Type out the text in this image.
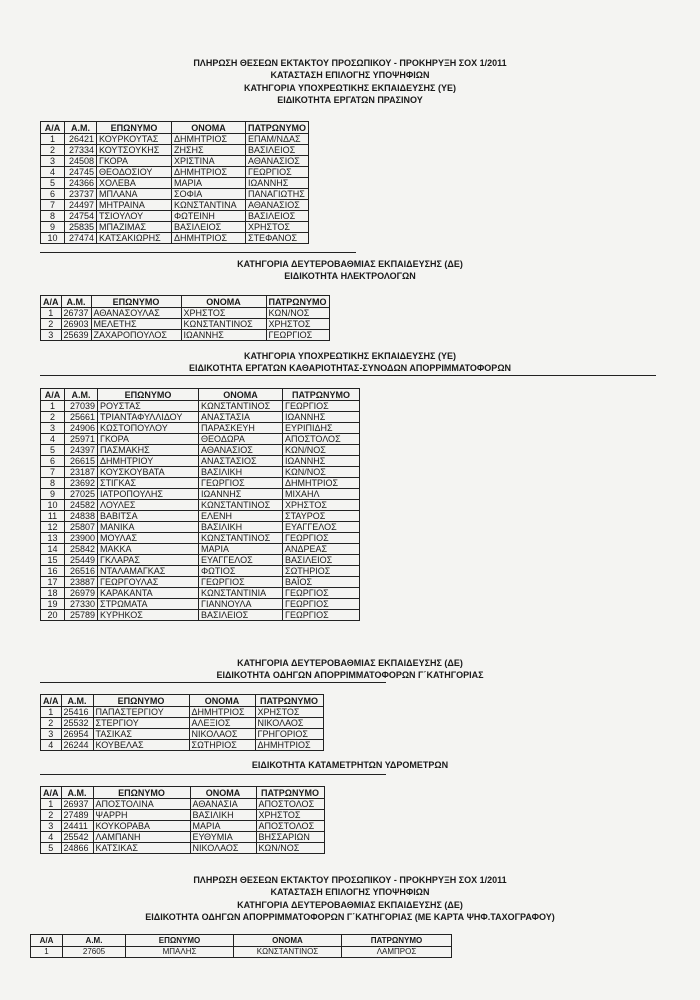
ΠΛΗΡΩΣΗ ΘΕΣΕΩΝ ΕΚΤΑΚΤΟΥ ΠΡΟΣΩΠΙΚΟΥ - ΠΡΟΚΗΡΥΞΗ ΣΟΧ 1/2011
ΚΑΤΑΣΤΑΣΗ ΕΠΙΛΟΓΗΣ ΥΠΟΨΗΦΙΩΝ
ΚΑΤΗΓΟΡΙΑ ΥΠΟΧΡΕΩΤΙΚΗΣ ΕΚΠΑΙΔΕΥΣΗΣ (ΥΕ)
ΕΙΔΙΚΟΤΗΤΑ ΕΡΓΑΤΩΝ ΠΡΑΣΙΝΟΥ
Α/Α	Α.Μ.	ΕΠΩΝΥΜΟ	ΟΝΟΜΑ	ΠΑΤΡΩΝΥΜΟ
1	26421	ΚΟΥΡΚΟΥΤΑΣ	ΔΗΜΗΤΡΙΟΣ	ΕΠΑΜ/ΝΔΑΣ
2	27334	ΚΟΥΤΣΟΥΚΗΣ	ΖΗΣΗΣ	ΒΑΣΙΛΕΙΟΣ
3	24508	ΓΚΟΡΑ	ΧΡΙΣΤΙΝΑ	ΑΘΑΝΑΣΙΟΣ
4	24745	ΘΕΟΔΟΣΙΟΥ	ΔΗΜΗΤΡΙΟΣ	ΓΕΩΡΓΙΟΣ
5	24366	ΧΟΛΕΒΑ	ΜΑΡΙΑ	ΙΩΑΝΝΗΣ
6	23737	ΜΠΛΑΝΑ	ΣΟΦΙΑ	ΠΑΝΑΓΙΩΤΗΣ
7	24497	ΜΗΤΡΑΙΝΑ	ΚΩΝΣΤΑΝΤΙΝΑ	ΑΘΑΝΑΣΙΟΣ
8	24754	ΤΣΙΟΥΛΟΥ	ΦΩΤΕΙΝΗ	ΒΑΣΙΛΕΙΟΣ
9	25835	ΜΠΑΖΙΜΑΣ	ΒΑΣΙΛΕΙΟΣ	ΧΡΗΣΤΟΣ
10	27474	ΚΑΤΣΑΚΙΩΡΗΣ	ΔΗΜΗΤΡΙΟΣ	ΣΤΕΦΑΝΟΣ
ΚΑΤΗΓΟΡΙΑ ΔΕΥΤΕΡΟΒΑΘΜΙΑΣ ΕΚΠΑΙΔΕΥΣΗΣ (ΔΕ)
ΕΙΔΙΚΟΤΗΤΑ ΗΛΕΚΤΡΟΛΟΓΩΝ
Α/Α	Α.Μ.	ΕΠΩΝΥΜΟ	ΟΝΟΜΑ	ΠΑΤΡΩΝΥΜΟ
1	26737	ΑΘΑΝΑΣΟΥΛΑΣ	ΧΡΗΣΤΟΣ	ΚΩΝ/ΝΟΣ
2	26903	ΜΕΛΕΤΗΣ	ΚΩΝΣΤΑΝΤΙΝΟΣ	ΧΡΗΣΤΟΣ
3	25639	ΖΑΧΑΡΟΠΟΥΛΟΣ	ΙΩΑΝΝΗΣ	ΓΕΩΡΓΙΟΣ
ΚΑΤΗΓΟΡΙΑ ΥΠΟΧΡΕΩΤΙΚΗΣ ΕΚΠΑΙΔΕΥΣΗΣ (ΥΕ)
ΕΙΔΙΚΟΤΗΤΑ ΕΡΓΑΤΩΝ ΚΑΘΑΡΙΟΤΗΤΑΣ-ΣΥΝΟΔΩΝ ΑΠΟΡΡΙΜΜΑΤΟΦΟΡΩΝ
Α/Α	Α.Μ.	ΕΠΩΝΥΜΟ	ΟΝΟΜΑ	ΠΑΤΡΩΝΥΜΟ
1	27039	ΡΟΥΣΤΑΣ	ΚΩΝΣΤΑΝΤΙΝΟΣ	ΓΕΩΡΓΙΟΣ
2	25661	ΤΡΙΑΝΤΑΦΥΛΛΙΔΟΥ	ΑΝΑΣΤΑΣΙΑ	ΙΩΑΝΝΗΣ
3	24906	ΚΩΣΤΟΠΟΥΛΟΥ	ΠΑΡΑΣΚΕΥΗ	ΕΥΡΙΠΙΔΗΣ
4	25971	ΓΚΟΡΑ	ΘΕΟΔΩΡΑ	ΑΠΟΣΤΟΛΟΣ
5	24397	ΠΑΣΜΑΚΗΣ	ΑΘΑΝΑΣΙΟΣ	ΚΩΝ/ΝΟΣ
6	26615	ΔΗΜΗΤΡΙΟΥ	ΑΝΑΣΤΑΣΙΟΣ	ΙΩΑΝΝΗΣ
7	23187	ΚΟΥΣΚΟΥΒΑΤΑ	ΒΑΣΙΛΙΚΗ	ΚΩΝ/ΝΟΣ
8	23692	ΣΤΙΓΚΑΣ	ΓΕΩΡΓΙΟΣ	ΔΗΜΗΤΡΙΟΣ
9	27025	ΙΑΤΡΟΠΟΥΛΗΣ	ΙΩΑΝΝΗΣ	ΜΙΧΑΗΛ
10	24582	ΛΟΥΛΕΣ	ΚΩΝΣΤΑΝΤΙΝΟΣ	ΧΡΗΣΤΟΣ
11	24838	ΒΑΒΙΤΣΑ	ΕΛΕΝΗ	ΣΤΑΥΡΟΣ
12	25807	ΜΑΝΙΚΑ	ΒΑΣΙΛΙΚΗ	ΕΥΑΓΓΕΛΟΣ
13	23900	ΜΟΥΛΑΣ	ΚΩΝΣΤΑΝΤΙΝΟΣ	ΓΕΩΡΓΙΟΣ
14	25842	ΜΑΚΚΑ	ΜΑΡΙΑ	ΑΝΔΡΕΑΣ
15	25449	ΓΚΛΑΡΑΣ	ΕΥΑΓΓΕΛΟΣ	ΒΑΣΙΛΕΙΟΣ
16	26516	ΝΤΑΛΑΜΑΓΚΑΣ	ΦΩΤΙΟΣ	ΣΩΤΗΡΙΟΣ
17	23887	ΓΕΩΡΓΟΥΛΑΣ	ΓΕΩΡΓΙΟΣ	ΒΑΪΟΣ
18	26979	ΚΑΡΑΚΑΝΤΑ	ΚΩΝΣΤΑΝΤΙΝΙΑ	ΓΕΩΡΓΙΟΣ
19	27330	ΣΤΡΩΜΑΤΑ	ΓΙΑΝΝΟΥΛΑ	ΓΕΩΡΓΙΟΣ
20	25789	ΚΥΡΗΚΟΣ	ΒΑΣΙΛΕΙΟΣ	ΓΕΩΡΓΙΟΣ
ΚΑΤΗΓΟΡΙΑ ΔΕΥΤΕΡΟΒΑΘΜΙΑΣ ΕΚΠΑΙΔΕΥΣΗΣ (ΔΕ)
ΕΙΔΙΚΟΤΗΤΑ ΟΔΗΓΩΝ ΑΠΟΡΡΙΜΜΑΤΟΦΟΡΩΝ Γ΄ΚΑΤΗΓΟΡΙΑΣ
Α/Α	Α.Μ.	ΕΠΩΝΥΜΟ	ΟΝΟΜΑ	ΠΑΤΡΩΝΥΜΟ
1	25416	ΠΑΠΑΣΤΕΡΓΙΟΥ	ΔΗΜΗΤΡΙΟΣ	ΧΡΗΣΤΟΣ
2	25532	ΣΤΕΡΓΙΟΥ	ΑΛΕΞΙΟΣ	ΝΙΚΟΛΑΟΣ
3	26954	ΤΑΣΙΚΑΣ	ΝΙΚΟΛΑΟΣ	ΓΡΗΓΟΡΙΟΣ
4	26244	ΚΟΥΒΕΛΑΣ	ΣΩΤΗΡΙΟΣ	ΔΗΜΗΤΡΙΟΣ
ΕΙΔΙΚΟΤΗΤΑ ΚΑΤΑΜΕΤΡΗΤΩΝ ΥΔΡΟΜΕΤΡΩΝ
Α/Α	Α.Μ.	ΕΠΩΝΥΜΟ	ΟΝΟΜΑ	ΠΑΤΡΩΝΥΜΟ
1	26937	ΑΠΟΣΤΟΛΙΝΑ	ΑΘΑΝΑΣΙΑ	ΑΠΟΣΤΟΛΟΣ
2	27489	ΨΑΡΡΗ	ΒΑΣΙΛΙΚΗ	ΧΡΗΣΤΟΣ
3	24411	ΚΟΥΚΟΡΑΒΑ	ΜΑΡΙΑ	ΑΠΟΣΤΟΛΟΣ
4	25542	ΛΑΜΠΑΝΗ	ΕΥΘΥΜΙΑ	ΒΗΣΣΑΡΙΩΝ
5	24866	ΚΑΤΣΙΚΑΣ	ΝΙΚΟΛΑΟΣ	ΚΩΝ/ΝΟΣ
ΠΛΗΡΩΣΗ ΘΕΣΕΩΝ ΕΚΤΑΚΤΟΥ ΠΡΟΣΩΠΙΚΟΥ - ΠΡΟΚΗΡΥΞΗ ΣΟΧ 1/2011
ΚΑΤΑΣΤΑΣΗ ΕΠΙΛΟΓΗΣ ΥΠΟΨΗΦΙΩΝ
ΚΑΤΗΓΟΡΙΑ ΔΕΥΤΕΡΟΒΑΘΜΙΑΣ ΕΚΠΑΙΔΕΥΣΗΣ (ΔΕ)
ΕΙΔΙΚΟΤΗΤΑ ΟΔΗΓΩΝ ΑΠΟΡΡΙΜΜΑΤΟΦΟΡΩΝ Γ΄ΚΑΤΗΓΟΡΙΑΣ (ΜΕ ΚΑΡΤΑ ΨΗΦ.ΤΑΧΟΓΡΑΦΟΥ)
Α/Α	Α.Μ.	ΕΠΩΝΥΜΟ	ΟΝΟΜΑ	ΠΑΤΡΩΝΥΜΟ
1	27605	ΜΠΑΛΗΣ	ΚΩΝΣΤΑΝΤΙΝΟΣ	ΛΑΜΠΡΟΣ
